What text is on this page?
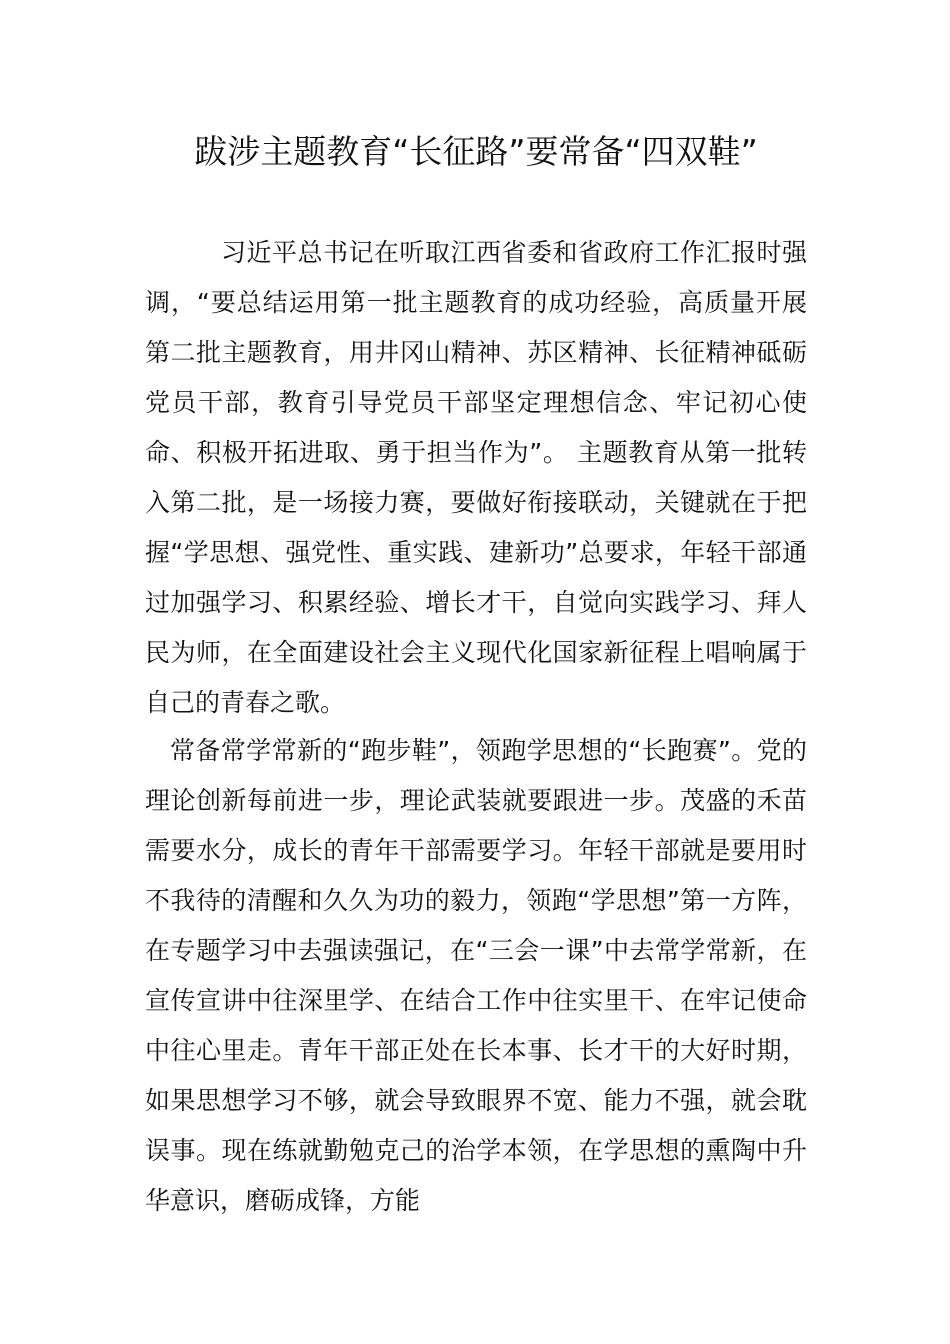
跋涉主题教育“长征路”要常备“四双鞋”

习近平总书记在听取江西省委和省政府工作汇报时强调，“要总结运用第一批主题教育的成功经验，高质量开展第二批主题教育，用井冈山精神、苏区精神、长征精神砥砺党员干部，教育引导党员干部坚定理想信念、牢记初心使命、积极开拓进取、勇于担当作为”。 主题教育从第一批转入第二批，是一场接力赛，要做好衔接联动，关键就在于把握“学思想、强党性、重实践、建新功”总要求，年轻干部通过加强学习、积累经验、增长才干，自觉向实践学习、拜人民为师，在全面建设社会主义现代化国家新征程上唱响属于自己的青春之歌。

常备常学常新的“跑步鞋”，领跑学思想的“长跑赛”。党的理论创新每前进一步，理论武装就要跟进一步。茂盛的禾苗需要水分，成长的青年干部需要学习。年轻干部就是要用时不我待的清醒和久久为功的毅力，领跑“学思想”第一方阵，在专题学习中去强读强记，在“三会一课”中去常学常新，在宣传宣讲中往深里学、在结合工作中往实里干、在牢记使命中往心里走。青年干部正处在长本事、长才干的大好时期，如果思想学习不够，就会导致眼界不宽、能力不强，就会耽误事。现在练就勤勉克己的治学本领，在学思想的熏陶中升华意识，磨砺成锋，方能
